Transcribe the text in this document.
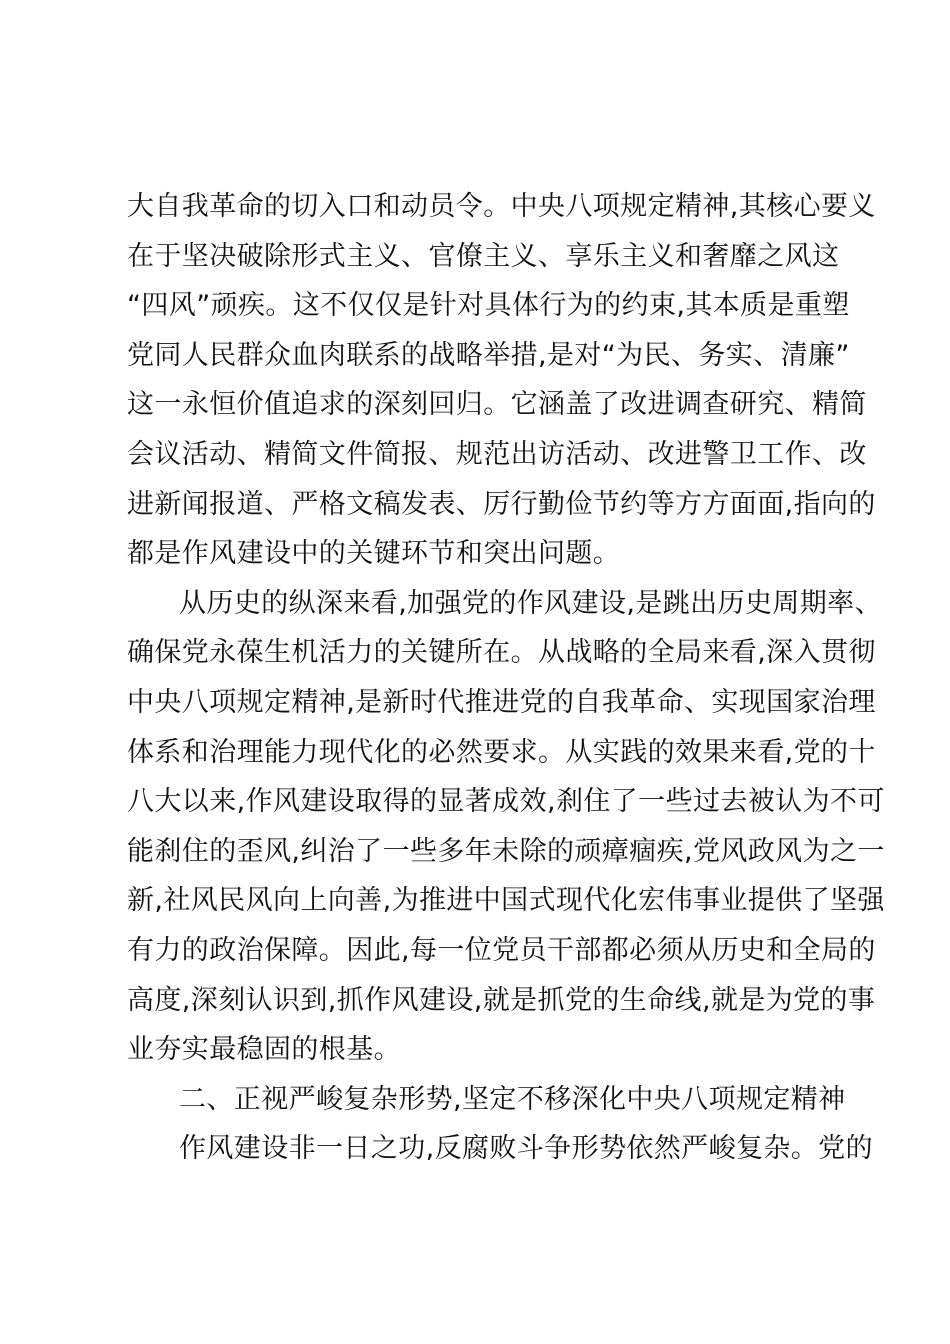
大自我革命的切入口和动员令。中央八项规定精神,其核心要义
在于坚决破除形式主义、官僚主义、享乐主义和奢靡之风这
“四风”顽疾。这不仅仅是针对具体行为的约束,其本质是重塑
党同人民群众血肉联系的战略举措,是对“为民、务实、清廉”
这一永恒价值追求的深刻回归。它涵盖了改进调查研究、精简
会议活动、精简文件简报、规范出访活动、改进警卫工作、改
进新闻报道、严格文稿发表、厉行勤俭节约等方方面面,指向的
都是作风建设中的关键环节和突出问题。
从历史的纵深来看,加强党的作风建设,是跳出历史周期率、
确保党永葆生机活力的关键所在。从战略的全局来看,深入贯彻
中央八项规定精神,是新时代推进党的自我革命、实现国家治理
体系和治理能力现代化的必然要求。从实践的效果来看,党的十
八大以来,作风建设取得的显著成效,刹住了一些过去被认为不可
能刹住的歪风,纠治了一些多年未除的顽瘴痼疾,党风政风为之一
新,社风民风向上向善,为推进中国式现代化宏伟事业提供了坚强
有力的政治保障。因此,每一位党员干部都必须从历史和全局的
高度,深刻认识到,抓作风建设,就是抓党的生命线,就是为党的事
业夯实最稳固的根基。
二、正视严峻复杂形势,坚定不移深化中央八项规定精神
作风建设非一日之功,反腐败斗争形势依然严峻复杂。党的
